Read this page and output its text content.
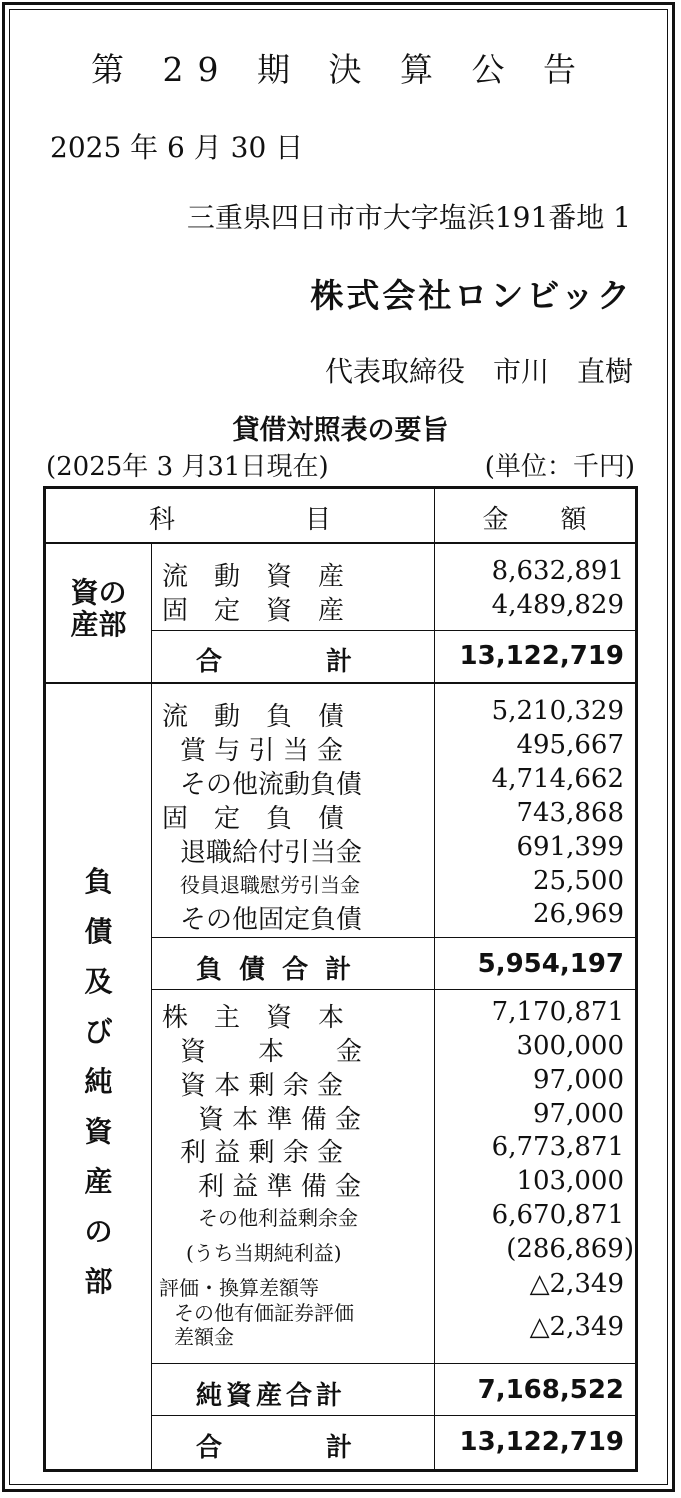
第 29 期 決 算 公 告
2025 年 6 月 30 日
三重県四日市市大字塩浜191番地 1
株式会社ロンビック
代表取締役　市川　直樹
貸借対照表の要旨
(2025年 3 月31日現在)	(単位：千円)
科　　　　　目	金　　額
資の
産部
流　動　資　産	8,632,891
固　定　資　産	4,489,829
合　　　　計	13,122,719
負
債
及
び
純
資
産
の
部
流　動　負　債	5,210,329
賞 与 引 当 金	495,667
その他流動負債	4,714,662
固　定　負　債	743,868
退職給付引当金	691,399
役員退職慰労引当金	25,500
その他固定負債	26,969
負 債 合 計	5,954,197
株　主　資　本	7,170,871
資　　本　　金	300,000
資 本 剰 余 金	97,000
資 本 準 備 金	97,000
利 益 剰 余 金	6,773,871
利 益 準 備 金	103,000
その他利益剰余金	6,670,871
(うち当期純利益)	(286,869)
評価・換算差額等	△2,349
その他有価証券評価
差額金	△2,349
純資産合計	7,168,522
合　　　　計	13,122,719
